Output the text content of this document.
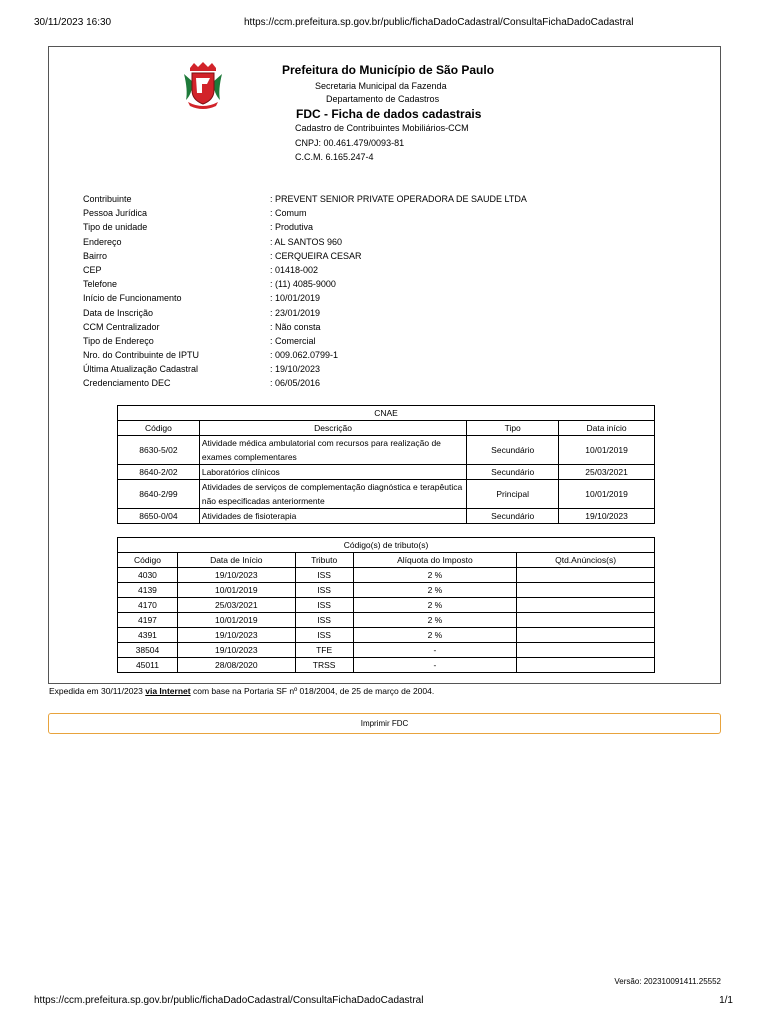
30/11/2023 16:30	https://ccm.prefeitura.sp.gov.br/public/fichaDadoCadastral/ConsultaFichaDadoCadastral
Prefeitura do Município de São Paulo
Secretaria Municipal da Fazenda
Departamento de Cadastros
FDC - Ficha de dados cadastrais
Cadastro de Contribuintes Mobiliários-CCM
CNPJ: 00.461.479/0093-81
C.C.M. 6.165.247-4
Contribuinte	: PREVENT SENIOR PRIVATE OPERADORA DE SAUDE LTDA
Pessoa Jurídica	: Comum
Tipo de unidade	: Produtiva
Endereço	: AL SANTOS 960
Bairro	: CERQUEIRA CESAR
CEP	: 01418-002
Telefone	: (11) 4085-9000
Início de Funcionamento	: 10/01/2019
Data de Inscrição	: 23/01/2019
CCM Centralizador	: Não consta
Tipo de Endereço	: Comercial
Nro. do Contribuinte de IPTU	: 009.062.0799-1
Última Atualização Cadastral	: 19/10/2023
Credenciamento DEC	: 06/05/2016
CNAE			
Código	Descrição	Tipo	Data início
8630-5/02	Atividade médica ambulatorial com recursos para realização de exames complementares	Secundário	10/01/2019
8640-2/02	Laboratórios clínicos	Secundário	25/03/2021
8640-2/99	Atividades de serviços de complementação diagnóstica e terapêutica não especificadas anteriormente	Principal	10/01/2019
8650-0/04	Atividades de fisioterapia	Secundário	19/10/2023
Código(s) de tributo(s)				
Código	Data de Início	Tributo	Alíquota do Imposto	Qtd.Anúncios(s)
4030	19/10/2023	ISS	2 %	
4139	10/01/2019	ISS	2 %	
4170	25/03/2021	ISS	2 %	
4197	10/01/2019	ISS	2 %	
4391	19/10/2023	ISS	2 %	
38504	19/10/2023	TFE	-	
45011	28/08/2020	TRSS	-	
Expedida em 30/11/2023 via Internet com base na Portaria SF nº 018/2004, de 25 de março de 2004.
Imprimir FDC
Versão: 202310091411.25552
https://ccm.prefeitura.sp.gov.br/public/fichaDadoCadastral/ConsultaFichaDadoCadastral	1/1
